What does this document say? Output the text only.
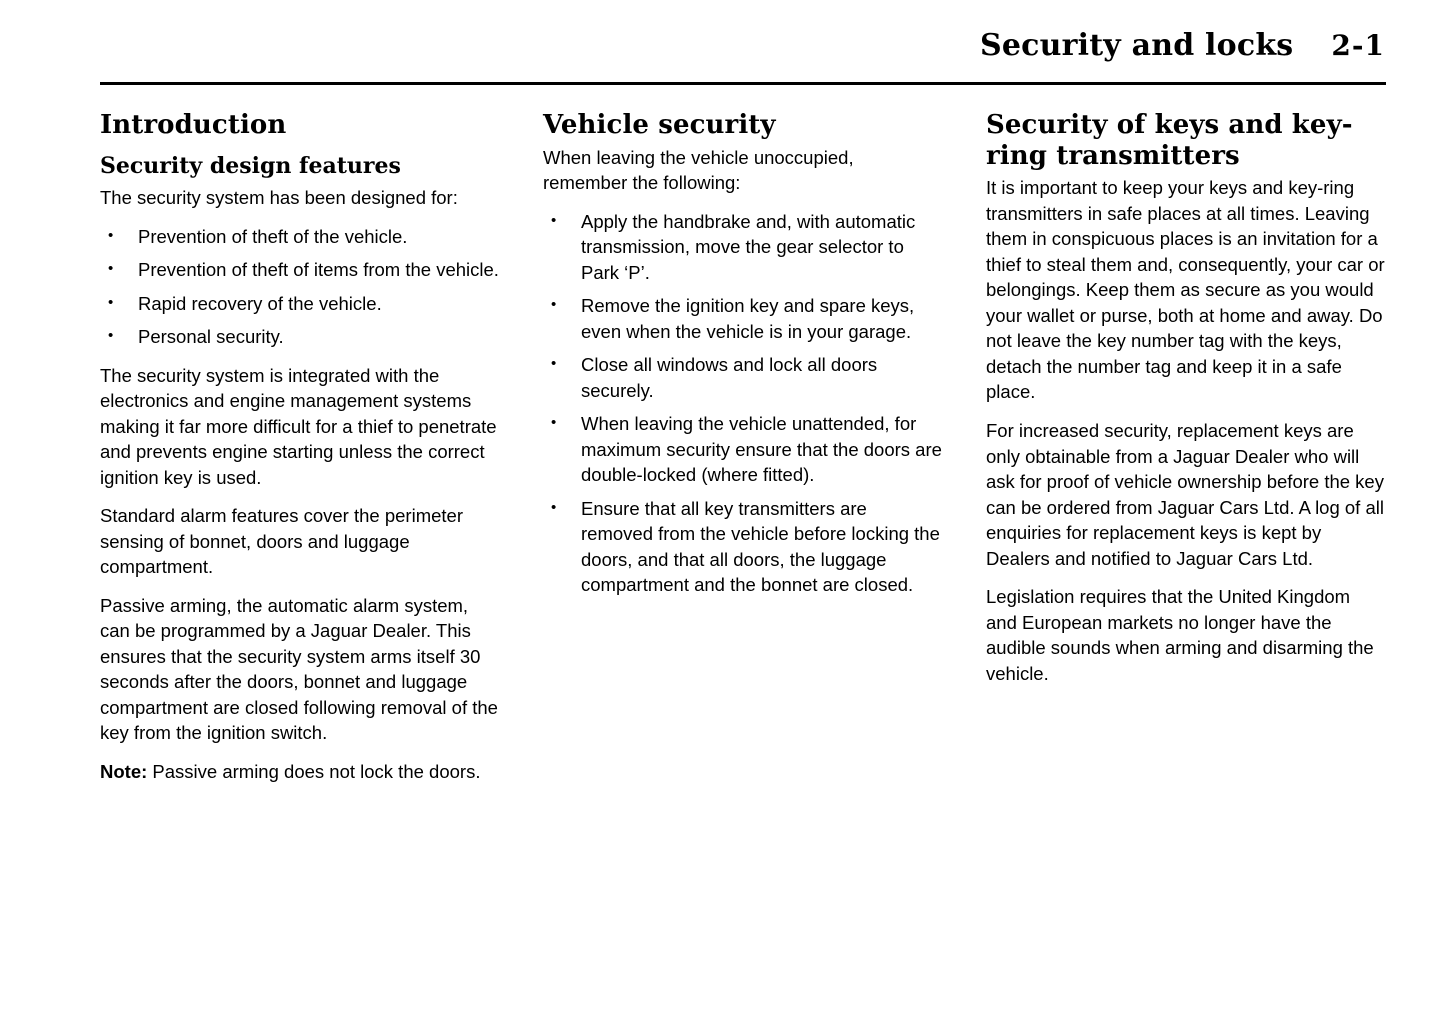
Security and locks 2-1
Introduction
Security design features

The security system has been designed for:

• Prevention of theft of the vehicle.
• Prevention of theft of items from the vehicle.
• Rapid recovery of the vehicle.
• Personal security.

The security system is integrated with the electronics and engine management systems making it far more difficult for a thief to penetrate and prevents engine starting unless the correct ignition key is used.

Standard alarm features cover the perimeter sensing of bonnet, doors and luggage compartment.

Passive arming, the automatic alarm system, can be programmed by a Jaguar Dealer. This ensures that the security system arms itself 30 seconds after the doors, bonnet and luggage compartment are closed following removal of the key from the ignition switch.

Note: Passive arming does not lock the doors.

Vehicle security

When leaving the vehicle unoccupied, remember the following:

• Apply the handbrake and, with automatic transmission, move the gear selector to Park ‘P’.
• Remove the ignition key and spare keys, even when the vehicle is in your garage.
• Close all windows and lock all doors securely.
• When leaving the vehicle unattended, for maximum security ensure that the doors are double-locked (where fitted).
• Ensure that all key transmitters are removed from the vehicle before locking the doors, and that all doors, the luggage compartment and the bonnet are closed.
Security of keys and key-ring transmitters

It is important to keep your keys and key-ring transmitters in safe places at all times. Leaving them in conspicuous places is an invitation for a thief to steal them and, consequently, your car or belongings. Keep them as secure as you would your wallet or purse, both at home and away. Do not leave the key number tag with the keys, detach the number tag and keep it in a safe place.

For increased security, replacement keys are only obtainable from a Jaguar Dealer who will ask for proof of vehicle ownership before the key can be ordered from Jaguar Cars Ltd. A log of all enquiries for replacement keys is kept by Dealers and notified to Jaguar Cars Ltd.

Legislation requires that the United Kingdom and European markets no longer have the audible sounds when arming and disarming the vehicle.
